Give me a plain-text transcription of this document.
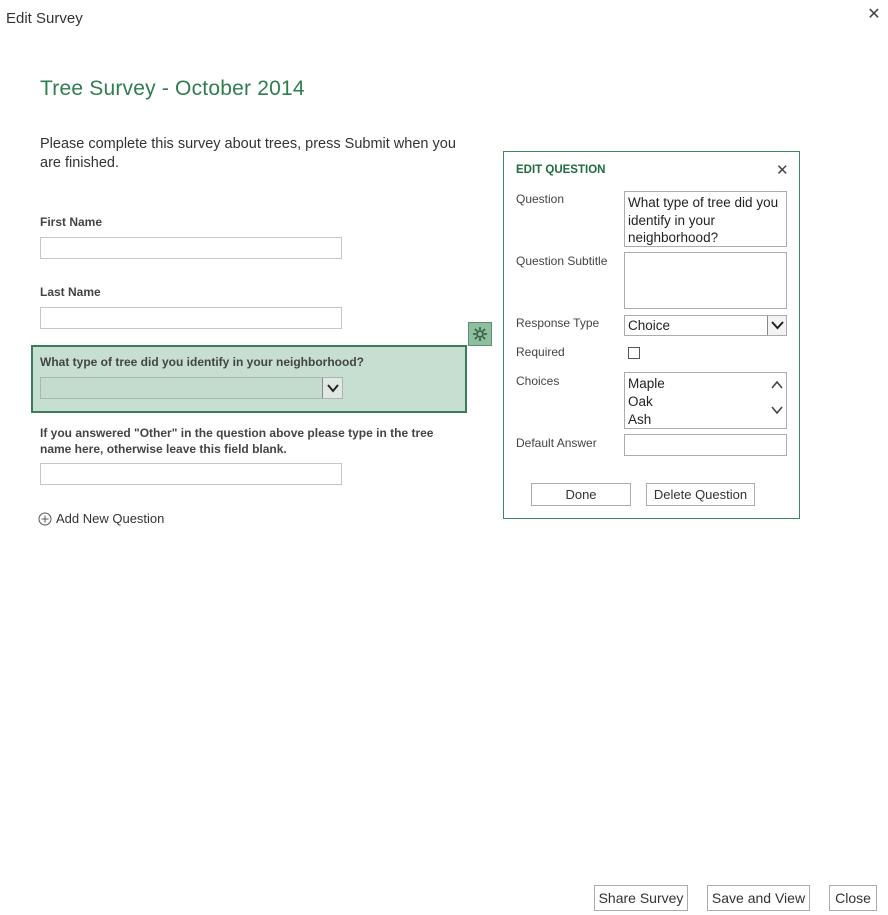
Edit Survey	✕
Tree Survey - October 2014
Please complete this survey about trees, press Submit when you are finished.
First Name
Last Name
What type of tree did you identify in your neighborhood?
If you answered "Other" in the question above please type in the tree name here, otherwise leave this field blank.
Add New Question
EDIT QUESTION	✕
Question	What type of tree did you identify in your neighborhood?
Question Subtitle
Response Type Choice
Required
Choices	Maple
Oak
Ash
Default Answer
Done	Delete Question
Share Survey	Save and View	Close
